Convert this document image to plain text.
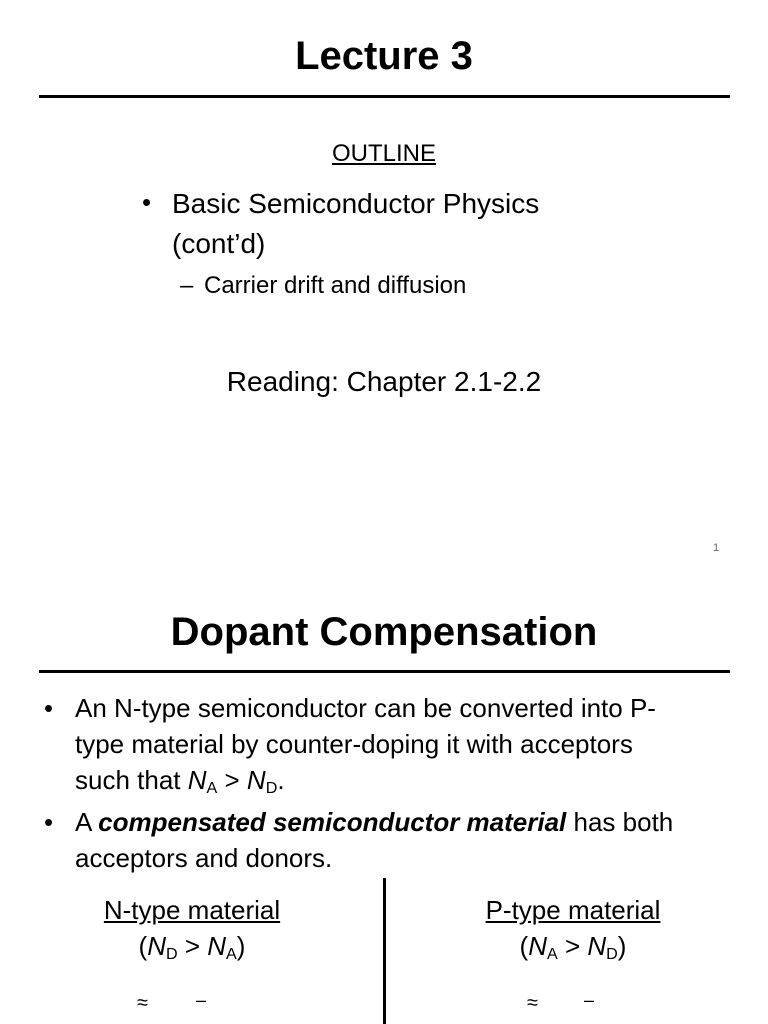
Lecture 3
OUTLINE
• Basic Semiconductor Physics
(cont’d)
– Carrier drift and diffusion
Reading: Chapter 2.1-2.2
1
Dopant Compensation
• An N-type semiconductor can be converted into P-
type material by counter-doping it with acceptors
such that $N_A > N_D$.
• A compensated semiconductor material has both
acceptors and donors.
N-type material
$(N_D > N_A)$
≈	–
P-type material
$(N_A > N_D)$
≈	–
